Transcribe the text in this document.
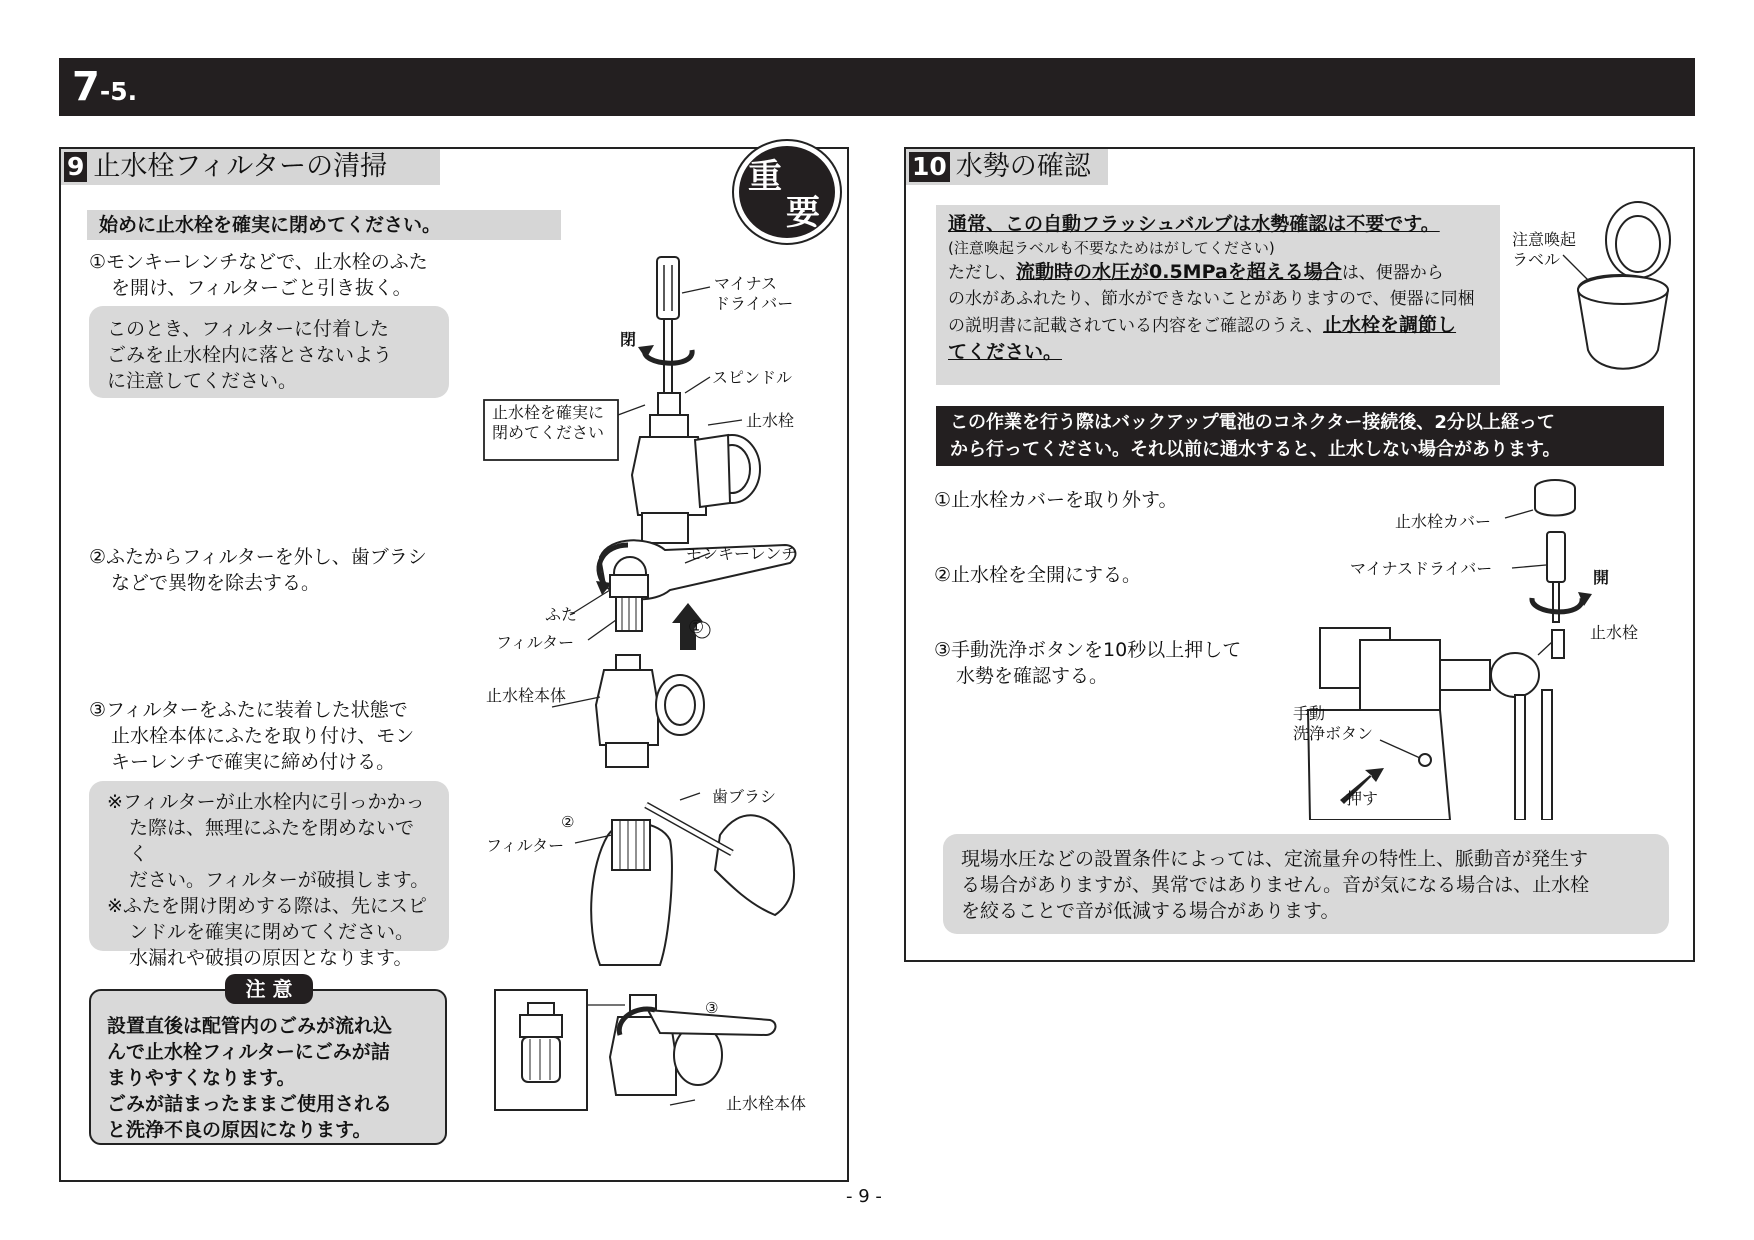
7-5.
9 止水栓フィルターの清掃	重
要
始めに止水栓を確実に閉めてください。
①モンキーレンチなどで、止水栓のふた
を開け、フィルターごと引き抜く。
このとき、フィルターに付着した
ごみを止水栓内に落とさないよう
に注意してください。
②ふたからフィルターを外し、歯ブラシ
などで異物を除去する。
③フィルターをふたに装着した状態で
止水栓本体にふたを取り付け、モン
キーレンチで確実に締め付ける。
※フィルターが止水栓内に引っかかっ
た際は、無理にふたを閉めないでく
ださい。フィルターが破損します。
※ふたを開け閉めする際は、先にスピ
ンドルを確実に閉めてください。
水漏れや破損の原因となります。
設置直後は配管内のごみが流れ込
んで止水栓フィルターにごみが詰
まりやすくなります。
ごみが詰まったままご使用される
と洗浄不良の原因になります。
注 意
マイナス
ドライバー
閉
スピンドル
止水栓
止水栓を確実に
閉めてください
モンキーレンチ
ふた
フィルター
①
止水栓本体
歯ブラシ
②
フィルター
③
止水栓本体
10 水勢の確認
通常、この自動フラッシュバルブは水勢確認は不要です。
(注意喚起ラベルも不要なためはがしてください)
ただし、流動時の水圧が0.5MPaを超える場合は、便器から
の水があふれたり、節水ができないことがありますので、便器に同梱
の説明書に記載されている内容をご確認のうえ、止水栓を調節し
てください。
注意喚起
ラベル
この作業を行う際はバックアップ電池のコネクター接続後、2分以上経って
から行ってください。それ以前に通水すると、止水しない場合があります。
①止水栓カバーを取り外す。
②止水栓を全開にする。
③手動洗浄ボタンを10秒以上押して
水勢を確認する。
止水栓カバー
マイナスドライバー	開
止水栓
手動
洗浄ボタン
押す
現場水圧などの設置条件によっては、定流量弁の特性上、脈動音が発生す
る場合がありますが、異常ではありません。音が気になる場合は、止水栓
を絞ることで音が低減する場合があります。
- 9 -
